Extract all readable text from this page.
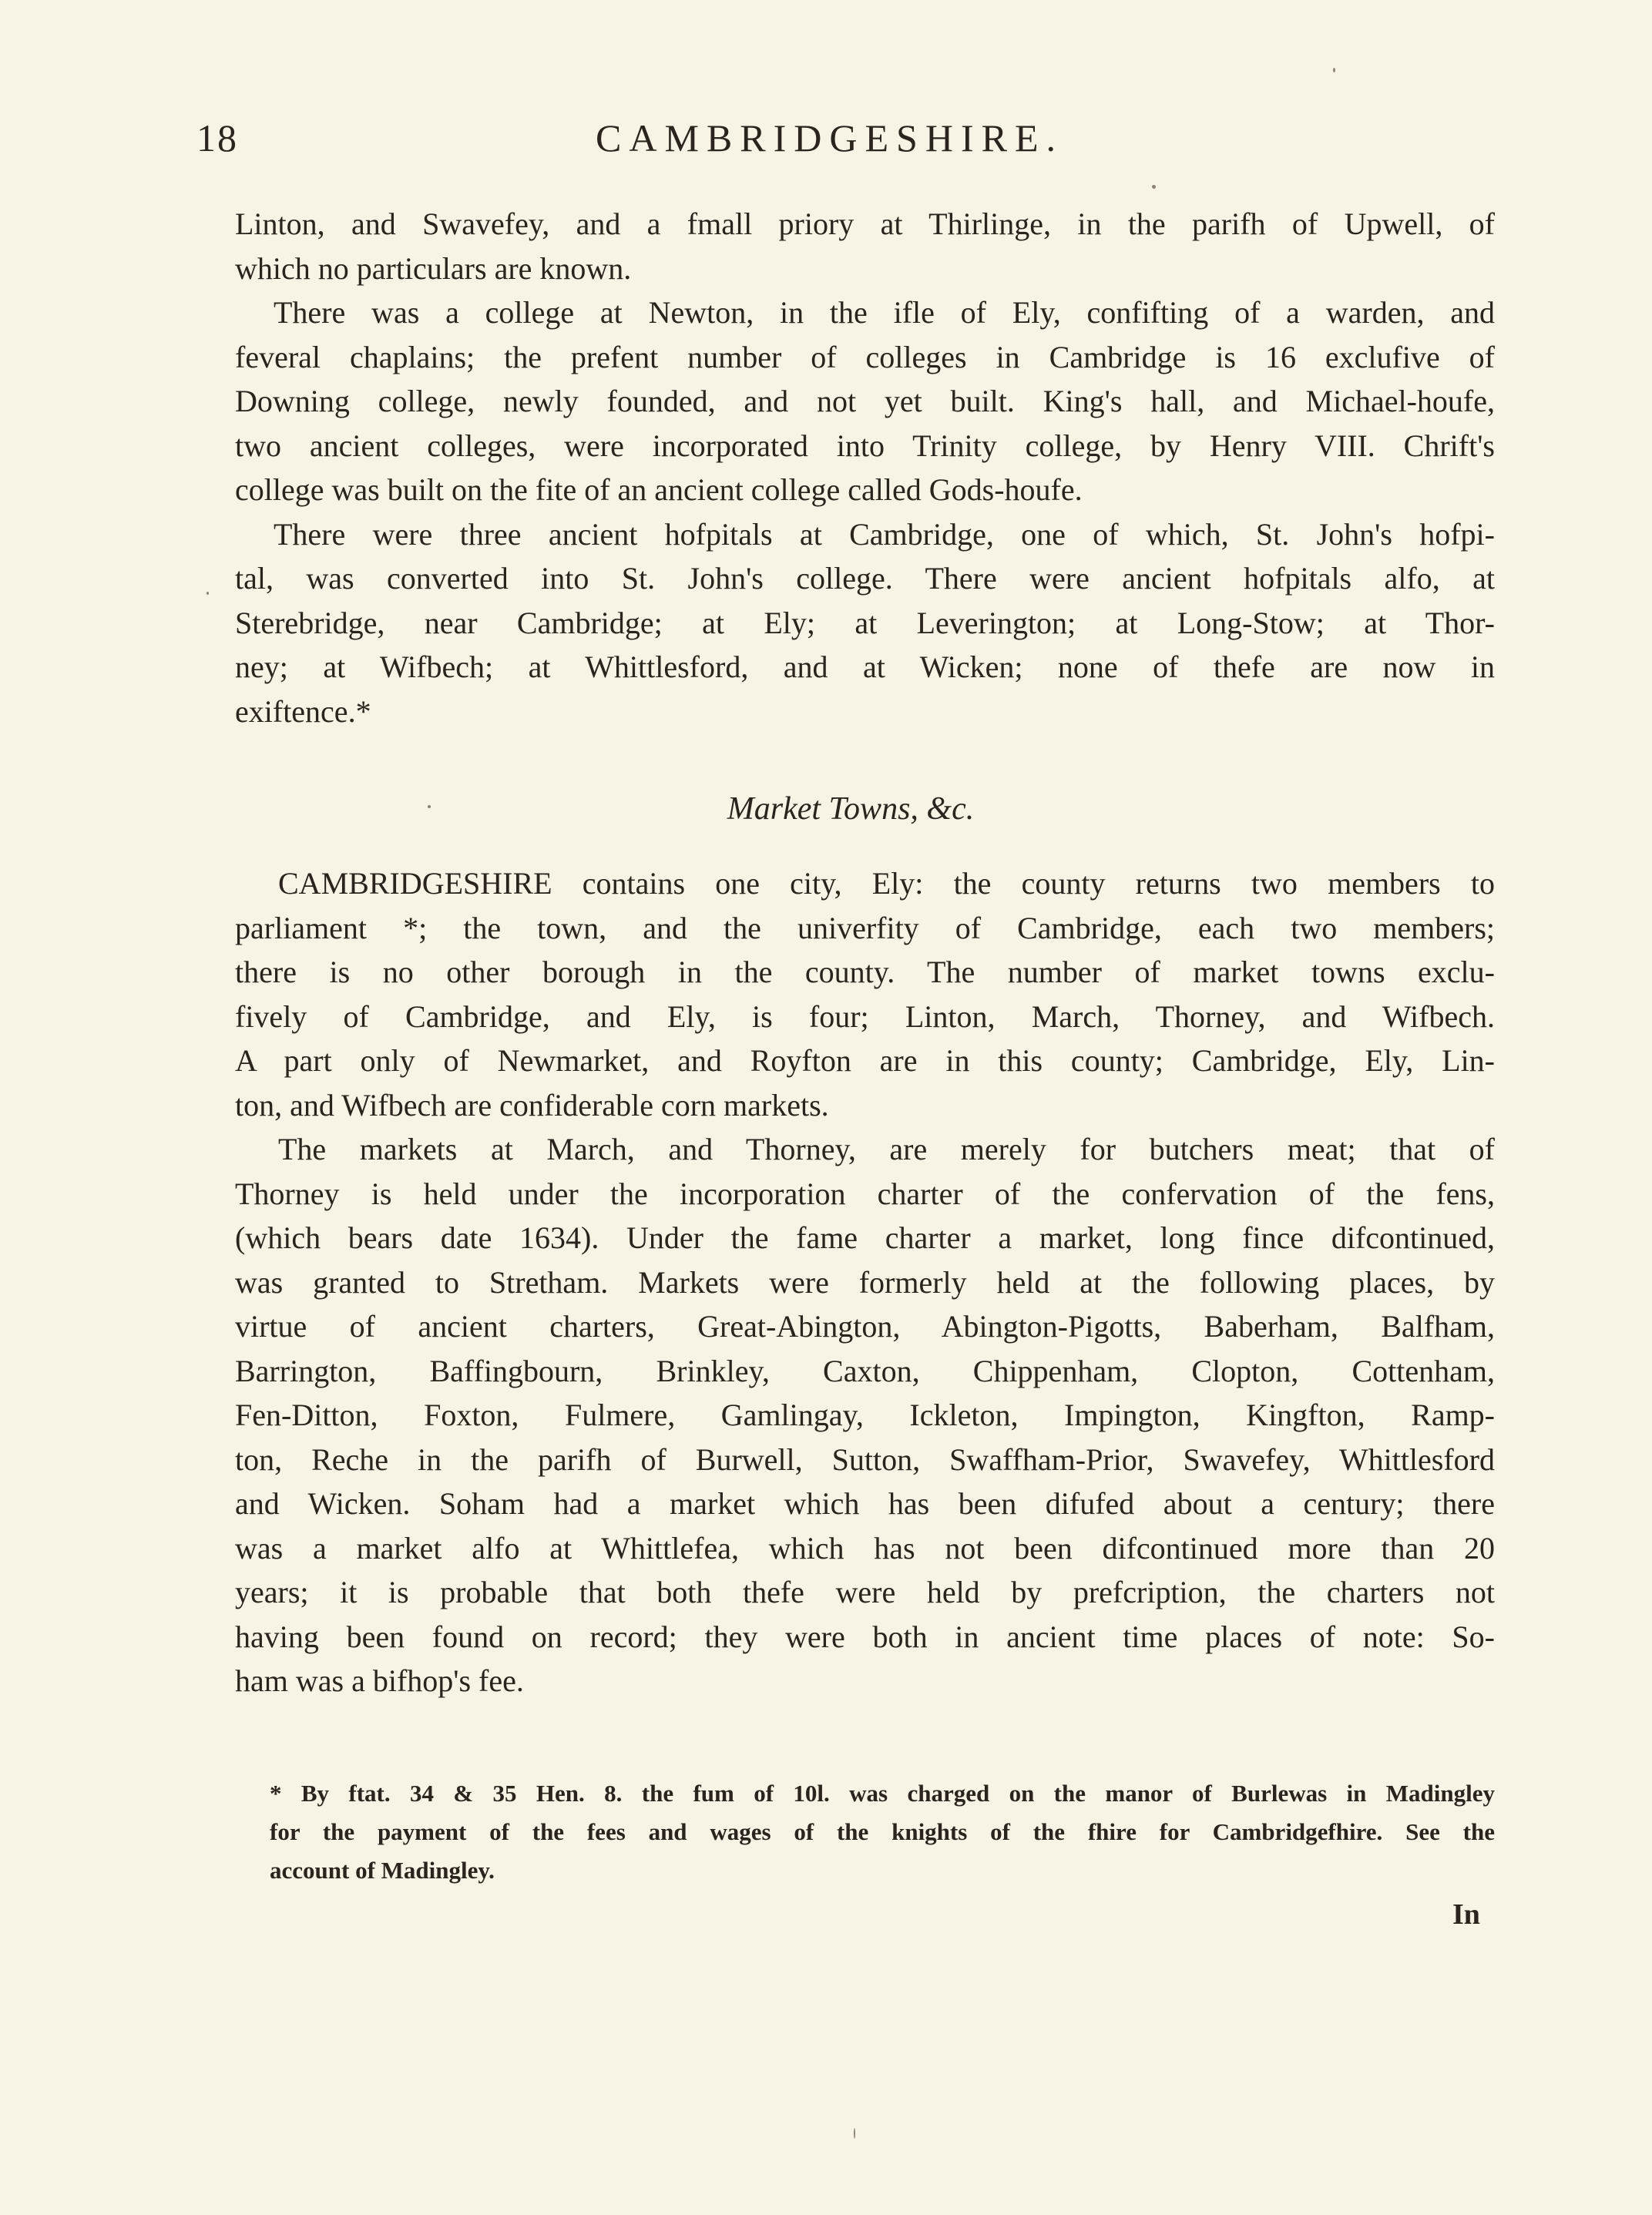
18	CAMBRIDGESHIRE.
Linton, and Swavefey, and a fmall priory at Thirlinge, in the parifh of Upwell, of
which no particulars are known.
There was a college at Newton, in the ifle of Ely, confifting of a warden, and
feveral chaplains; the prefent number of colleges in Cambridge is 16 exclufive of
Downing college, newly founded, and not yet built. King's hall, and Michael-houfe,
two ancient colleges, were incorporated into Trinity college, by Henry VIII. Chrift's
college was built on the fite of an ancient college called Gods-houfe.
There were three ancient hofpitals at Cambridge, one of which, St. John's hofpi-
tal, was converted into St. John's college. There were ancient hofpitals alfo, at
Sterebridge, near Cambridge; at Ely; at Leverington; at Long-Stow; at Thor-
ney; at Wifbech; at Whittlesford, and at Wicken; none of thefe are now in
exiftence.*
Market Towns, &c.
CAMBRIDGESHIRE contains one city, Ely: the county returns two members to
parliament *; the town, and the univerfity of Cambridge, each two members;
there is no other borough in the county. The number of market towns exclu-
fively of Cambridge, and Ely, is four; Linton, March, Thorney, and Wifbech.
A part only of Newmarket, and Royfton are in this county; Cambridge, Ely, Lin-
ton, and Wifbech are confiderable corn markets.
The markets at March, and Thorney, are merely for butchers meat; that of
Thorney is held under the incorporation charter of the confervation of the fens,
(which bears date 1634). Under the fame charter a market, long fince difcontinued,
was granted to Stretham. Markets were formerly held at the following places, by
virtue of ancient charters, Great-Abington, Abington-Pigotts, Baberham, Balfham,
Barrington, Baffingbourn, Brinkley, Caxton, Chippenham, Clopton, Cottenham,
Fen-Ditton, Foxton, Fulmere, Gamlingay, Ickleton, Impington, Kingfton, Ramp-
ton, Reche in the parifh of Burwell, Sutton, Swaffham-Prior, Swavefey, Whittlesford
and Wicken. Soham had a market which has been difufed about a century; there
was a market alfo at Whittlefea, which has not been difcontinued more than 20
years; it is probable that both thefe were held by prefcription, the charters not
having been found on record; they were both in ancient time places of note: So-
ham was a bifhop's fee.
* By ftat. 34 & 35 Hen. 8. the fum of 10l. was charged on the manor of Burlewas in Madingley
for the payment of the fees and wages of the knights of the fhire for Cambridgefhire. See the
account of Madingley.
In
